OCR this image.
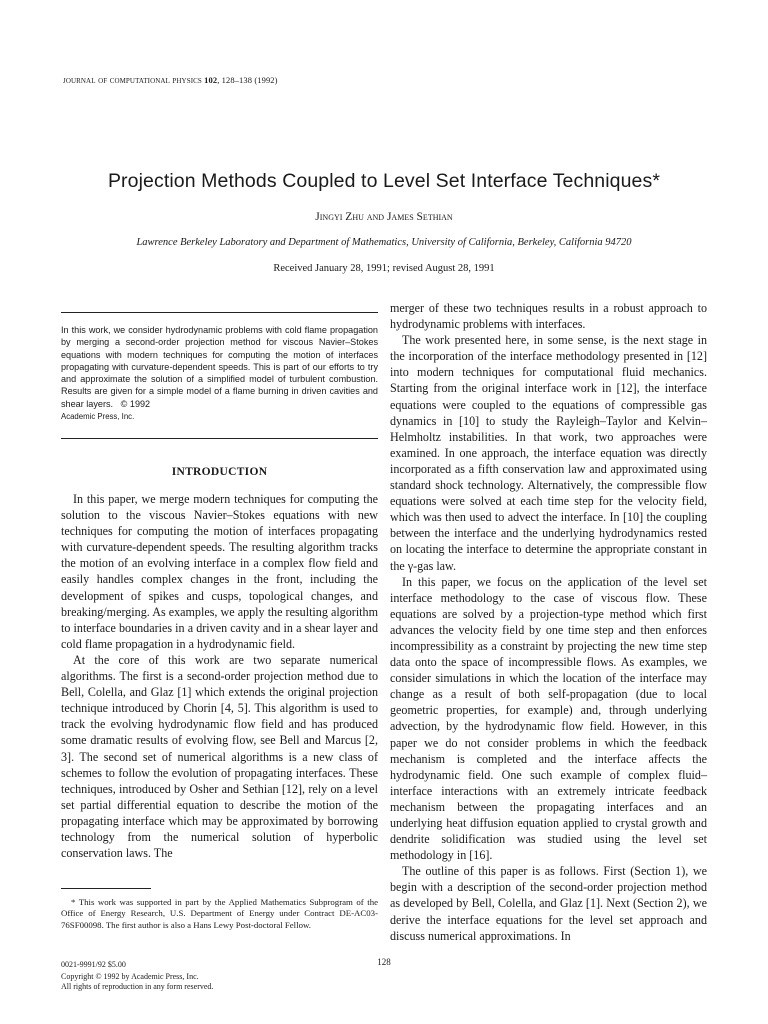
journal of computational physics 102, 128–138 (1992)
Projection Methods Coupled to Level Set Interface Techniques*
Jingyi Zhu and James Sethian
Lawrence Berkeley Laboratory and Department of Mathematics, University of California, Berkeley, California 94720
Received January 28, 1991; revised August 28, 1991
In this work, we consider hydrodynamic problems with cold flame propagation by merging a second-order projection method for viscous Navier–Stokes equations with modern techniques for computing the motion of interfaces propagating with curvature-dependent speeds. This is part of our efforts to try and approximate the solution of a simplified model of turbulent combustion. Results are given for a simple model of a flame burning in driven cavities and shear layers. © 1992
Academic Press, Inc.
INTRODUCTION

In this paper, we merge modern techniques for computing the solution to the viscous Navier–Stokes equations with new techniques for computing the motion of interfaces propagating with curvature-dependent speeds. The resulting algorithm tracks the motion of an evolving interface in a complex flow field and easily handles complex changes in the front, including the development of spikes and cusps, topological changes, and breaking/merging. As examples, we apply the resulting algorithm to interface boundaries in a driven cavity and in a shear layer and cold flame propagation in a hydrodynamic field.

At the core of this work are two separate numerical algorithms. The first is a second-order projection method due to Bell, Colella, and Glaz [1] which extends the original projection technique introduced by Chorin [4, 5]. This algorithm is used to track the evolving hydrodynamic flow field and has produced some dramatic results of evolving flow, see Bell and Marcus [2, 3]. The second set of numerical algorithms is a new class of schemes to follow the evolution of propagating interfaces. These techniques, introduced by Osher and Sethian [12], rely on a level set partial differential equation to describe the motion of the propagating interface which may be approximated by borrowing technology from the numerical solution of hyperbolic conservation laws. The

merger of these two techniques results in a robust approach to hydrodynamic problems with interfaces.

The work presented here, in some sense, is the next stage in the incorporation of the interface methodology presented in [12] into modern techniques for computational fluid mechanics. Starting from the original interface work in [12], the interface equations were coupled to the equations of compressible gas dynamics in [10] to study the Rayleigh–Taylor and Kelvin–Helmholtz instabilities. In that work, two approaches were examined. In one approach, the interface equation was directly incorporated as a fifth conservation law and approximated using standard shock technology. Alternatively, the compressible flow equations were solved at each time step for the velocity field, which was then used to advect the interface. In [10] the coupling between the interface and the underlying hydrodynamics rested on locating the interface to determine the appropriate constant in the γ-gas law.

In this paper, we focus on the application of the level set interface methodology to the case of viscous flow. These equations are solved by a projection-type method which first advances the velocity field by one time step and then enforces incompressibility as a constraint by projecting the new time step data onto the space of incompressible flows. As examples, we consider simulations in which the location of the interface may change as a result of both self-propagation (due to local geometric properties, for example) and, through underlying advection, by the hydrodynamic flow field. However, in this paper we do not consider problems in which the feedback mechanism is completed and the interface affects the hydrodynamic field. One such example of complex fluid–interface interactions with an extremely intricate feedback mechanism between the propagating interfaces and an underlying heat diffusion equation applied to crystal growth and dendrite solidification was studied using the level set methodology in [16].

The outline of this paper is as follows. First (Section 1), we begin with a description of the second-order projection method as developed by Bell, Colella, and Glaz [1]. Next (Section 2), we derive the interface equations for the level set approach and discuss numerical approximations. In

* This work was supported in part by the Applied Mathematics Subprogram of the Office of Energy Research, U.S. Department of Energy under Contract DE-AC03-76SF00098. The first author is also a Hans Lewy Post-doctoral Fellow.

128
0021-9991/92 $5.00
Copyright © 1992 by Academic Press, Inc.
All rights of reproduction in any form reserved.
